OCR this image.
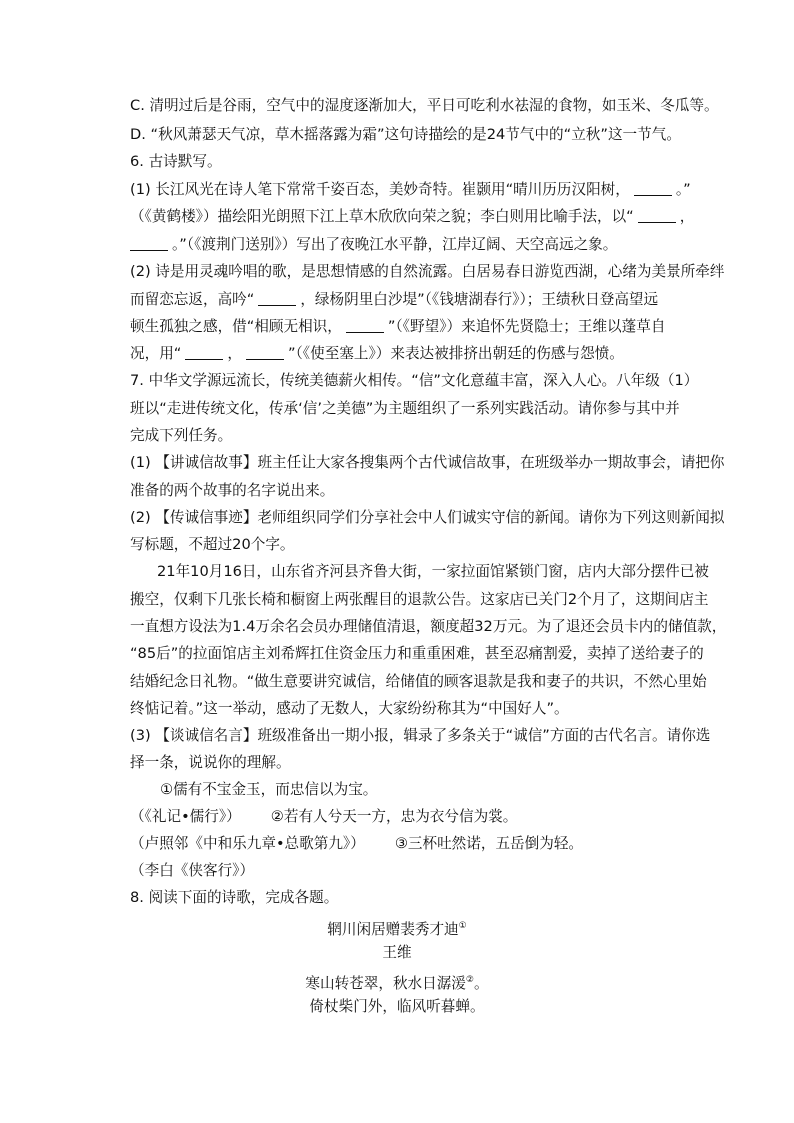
C. 清明过后是谷雨，空气中的湿度逐渐加大，平日可吃利水祛湿的食物，如玉米、冬瓜等。
D. “秋风萧瑟天气凉，草木摇落露为霜”这句诗描绘的是24节气中的“立秋”这一节气。
6. 古诗默写。
(1) 长江风光在诗人笔下常常千姿百态，美妙奇特。崔颢用“晴川历历汉阳树，	。”
（《黄鹤楼》）描绘阳光朗照下江上草木欣欣向荣之貌；李白则用比喻手法，以“	，
。”（《渡荆门送别》）写出了夜晚江水平静，江岸辽阔、天空高远之象。
(2) 诗是用灵魂吟唱的歌，是思想情感的自然流露。白居易春日游览西湖，心绪为美景所牵绊
而留恋忘返，高吟“	，绿杨阴里白沙堤”（《钱塘湖春行》）；王绩秋日登高望远
顿生孤独之感，借“相顾无相识，	”（《野望》）来追怀先贤隐士；王维以蓬草自
况，用“	，	”（《使至塞上》）来表达被排挤出朝廷的伤感与怨愤。
7. 中华文学源远流长，传统美德薪火相传。“信”文化意蕴丰富，深入人心。八年级（1）
班以“走进传统文化，传承‘信’之美德”为主题组织了一系列实践活动。请你参与其中并
完成下列任务。
(1) 【讲诚信故事】班主任让大家各搜集两个古代诚信故事，在班级举办一期故事会，请把你
准备的两个故事的名字说出来。
(2) 【传诚信事迹】老师组织同学们分享社会中人们诚实守信的新闻。请你为下列这则新闻拟
写标题，不超过20个字。
21年10月16日，山东省齐河县齐鲁大街，一家拉面馆紧锁门窗，店内大部分摆件已被
搬空，仅剩下几张长椅和橱窗上两张醒目的退款公告。这家店已关门2个月了，这期间店主
一直想方设法为1.4万余名会员办理储值清退，额度超32万元。为了退还会员卡内的储值款，
“85后”的拉面馆店主刘希辉扛住资金压力和重重困难，甚至忍痛割爱，卖掉了送给妻子的
结婚纪念日礼物。“做生意要讲究诚信，给储值的顾客退款是我和妻子的共识，不然心里始
终惦记着。”这一举动，感动了无数人，大家纷纷称其为“中国好人”。
(3) 【谈诚信名言】班级准备出一期小报，辑录了多条关于“诚信”方面的古代名言。请你选
择一条，说说你的理解。
①儒有不宝金玉，而忠信以为宝。
（《礼记•儒行》） ②若有人兮天一方，忠为衣兮信为裳。
（卢照邻《中和乐九章•总歌第九》） ③三杯吐然诺，五岳倒为轻。
（李白《侠客行》）
8. 阅读下面的诗歌，完成各题。
辋川闲居赠裴秀才迪①
王维
寒山转苍翠，秋水日潺湲②。
倚杖柴门外，临风听暮蝉。
